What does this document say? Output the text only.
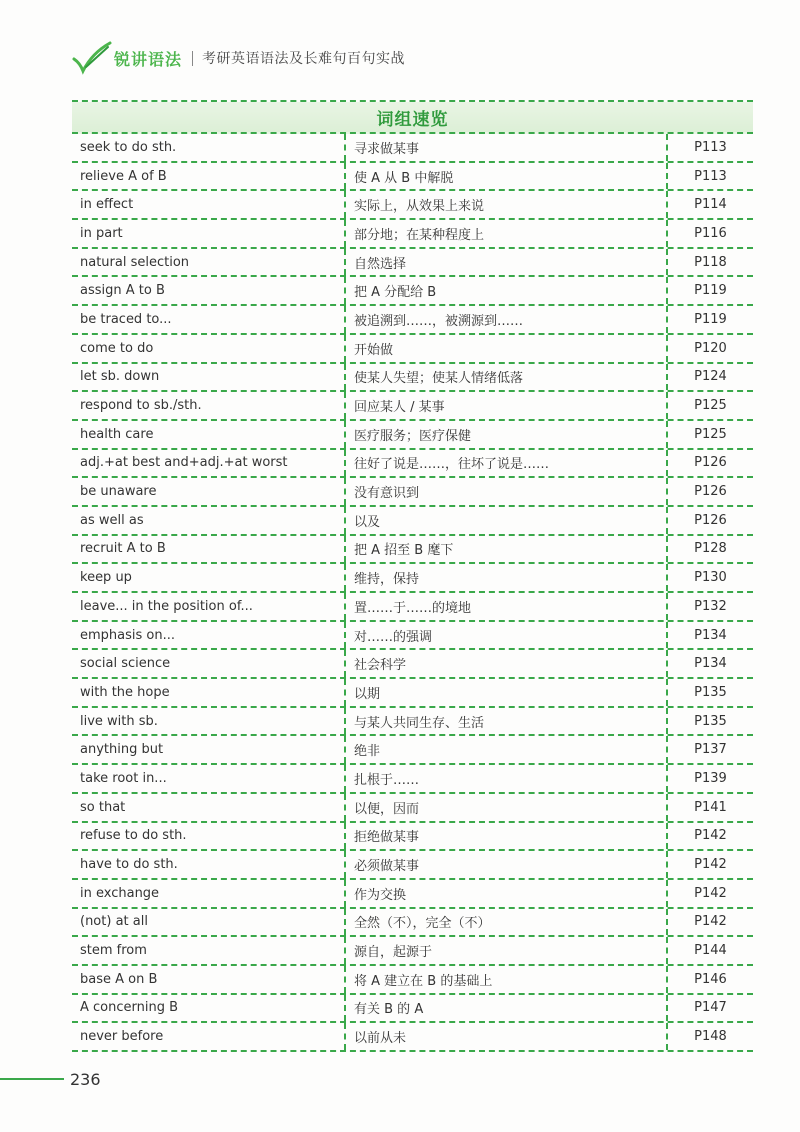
锐讲语法 考研英语语法及长难句百句实战
词组速览
seek to do sth.	寻求做某事	P113
relieve A of B	使 A 从 B 中解脱	P113
in effect	实际上，从效果上来说	P114
in part	部分地；在某种程度上	P116
natural selection	自然选择	P118
assign A to B	把 A 分配给 B	P119
be traced to...	被追溯到……，被溯源到……	P119
come to do	开始做	P120
let sb. down	使某人失望；使某人情绪低落	P124
respond to sb./sth.	回应某人 / 某事	P125
health care	医疗服务；医疗保健	P125
adj.+at best and+adj.+at worst	往好了说是……，往坏了说是……	P126
be unaware	没有意识到	P126
as well as	以及	P126
recruit A to B	把 A 招至 B 麾下	P128
keep up	维持，保持	P130
leave... in the position of...	置……于……的境地	P132
emphasis on...	对……的强调	P134
social science	社会科学	P134
with the hope	以期	P135
live with sb.	与某人共同生存、生活	P135
anything but	绝非	P137
take root in...	扎根于……	P139
so that	以便，因而	P141
refuse to do sth.	拒绝做某事	P142
have to do sth.	必须做某事	P142
in exchange	作为交换	P142
(not) at all	全然（不），完全（不）	P142
stem from	源自，起源于	P144
base A on B	将 A 建立在 B 的基础上	P146
A concerning B	有关 B 的 A	P147
never before	以前从未	P148
236
